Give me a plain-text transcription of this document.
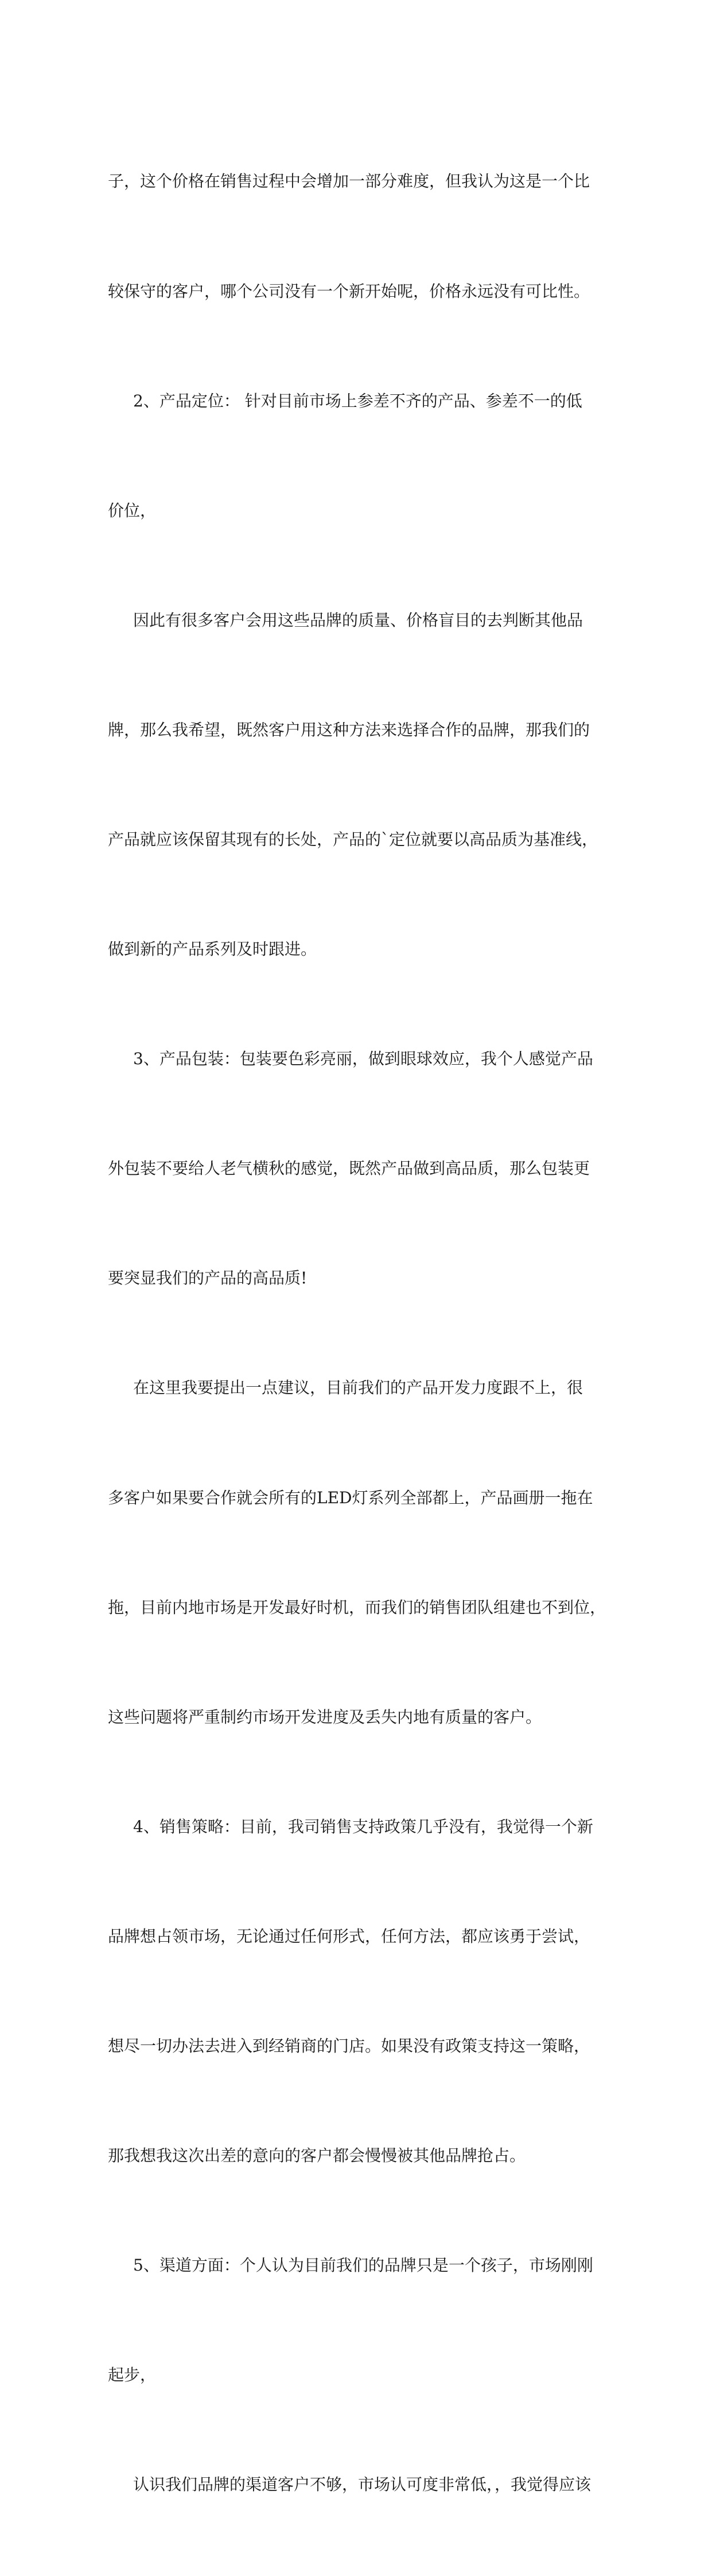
子，这个价格在销售过程中会增加一部分难度，但我认为这是一个比

较保守的客户，哪个公司没有一个新开始呢，价格永远没有可比性。

2、产品定位： 针对目前市场上参差不齐的产品、参差不一的低

价位，

因此有很多客户会用这些品牌的质量、价格盲目的去判断其他品

牌，那么我希望，既然客户用这种方法来选择合作的品牌，那我们的

产品就应该保留其现有的长处，产品的`定位就要以高品质为基准线，

做到新的产品系列及时跟进。

3、产品包装：包装要色彩亮丽，做到眼球效应，我个人感觉产品

外包装不要给人老气横秋的感觉，既然产品做到高品质，那么包装更

要突显我们的产品的高品质!

在这里我要提出一点建议，目前我们的产品开发力度跟不上，很

多客户如果要合作就会所有的LED灯系列全部都上，产品画册一拖在

拖，目前内地市场是开发最好时机，而我们的销售团队组建也不到位，

这些问题将严重制约市场开发进度及丢失内地有质量的客户。

4、销售策略：目前，我司销售支持政策几乎没有，我觉得一个新

品牌想占领市场，无论通过任何形式，任何方法，都应该勇于尝试，

想尽一切办法去进入到经销商的门店。如果没有政策支持这一策略，

那我想我这次出差的意向的客户都会慢慢被其他品牌抢占。

5、渠道方面：个人认为目前我们的品牌只是一个孩子，市场刚刚

起步，

认识我们品牌的渠道客户不够，市场认可度非常低，，我觉得应该
